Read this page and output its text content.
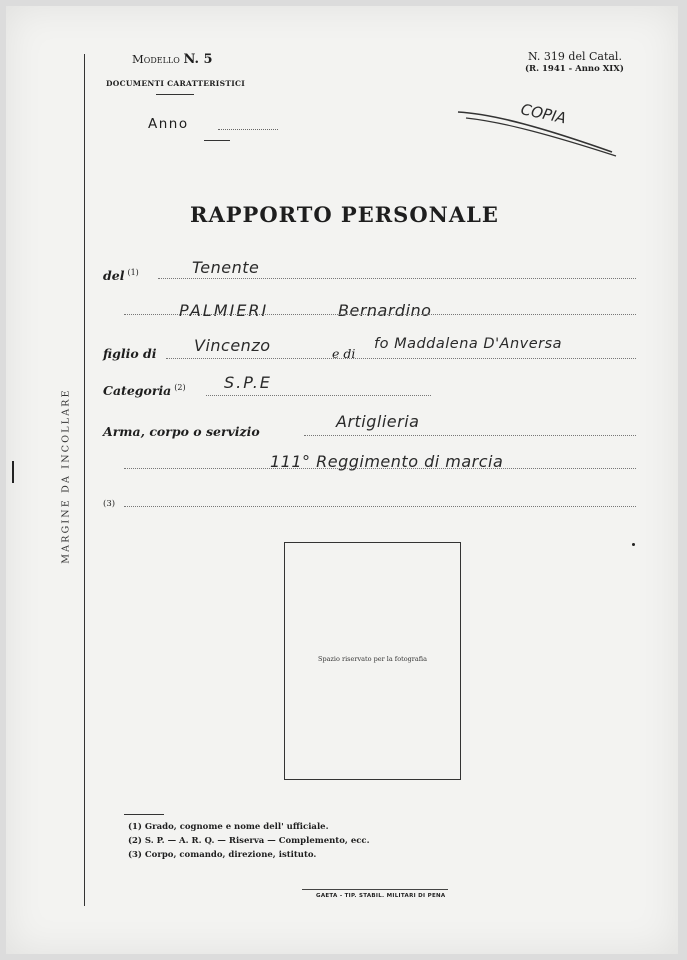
MARGINE DA INCOLLARE
Modello N. 5
DOCUMENTI CARATTERISTICI
Anno
N. 319 del Catal.
(R. 1941 - Anno XIX)
COPIA
RAPPORTO PERSONALE
del $^{(1)}$	Tenente
PALMIERI	Bernardino
figlio di Vincenzo	e di
fo Maddalena D'Anversa
Categoria $^{(2)}$ S.P.E
Arma, corpo o servizio
Artiglieria
111° Reggimento di marcia
(3)
Spazio riservato per la fotografia
(1) Grado, cognome e nome dell' ufficiale.
(2) S. P. — A. R. Q. — Riserva — Complemento, ecc.
(3) Corpo, comando, direzione, istituto.
GAETA - TIP. STABIL. MILITARI DI PENA
